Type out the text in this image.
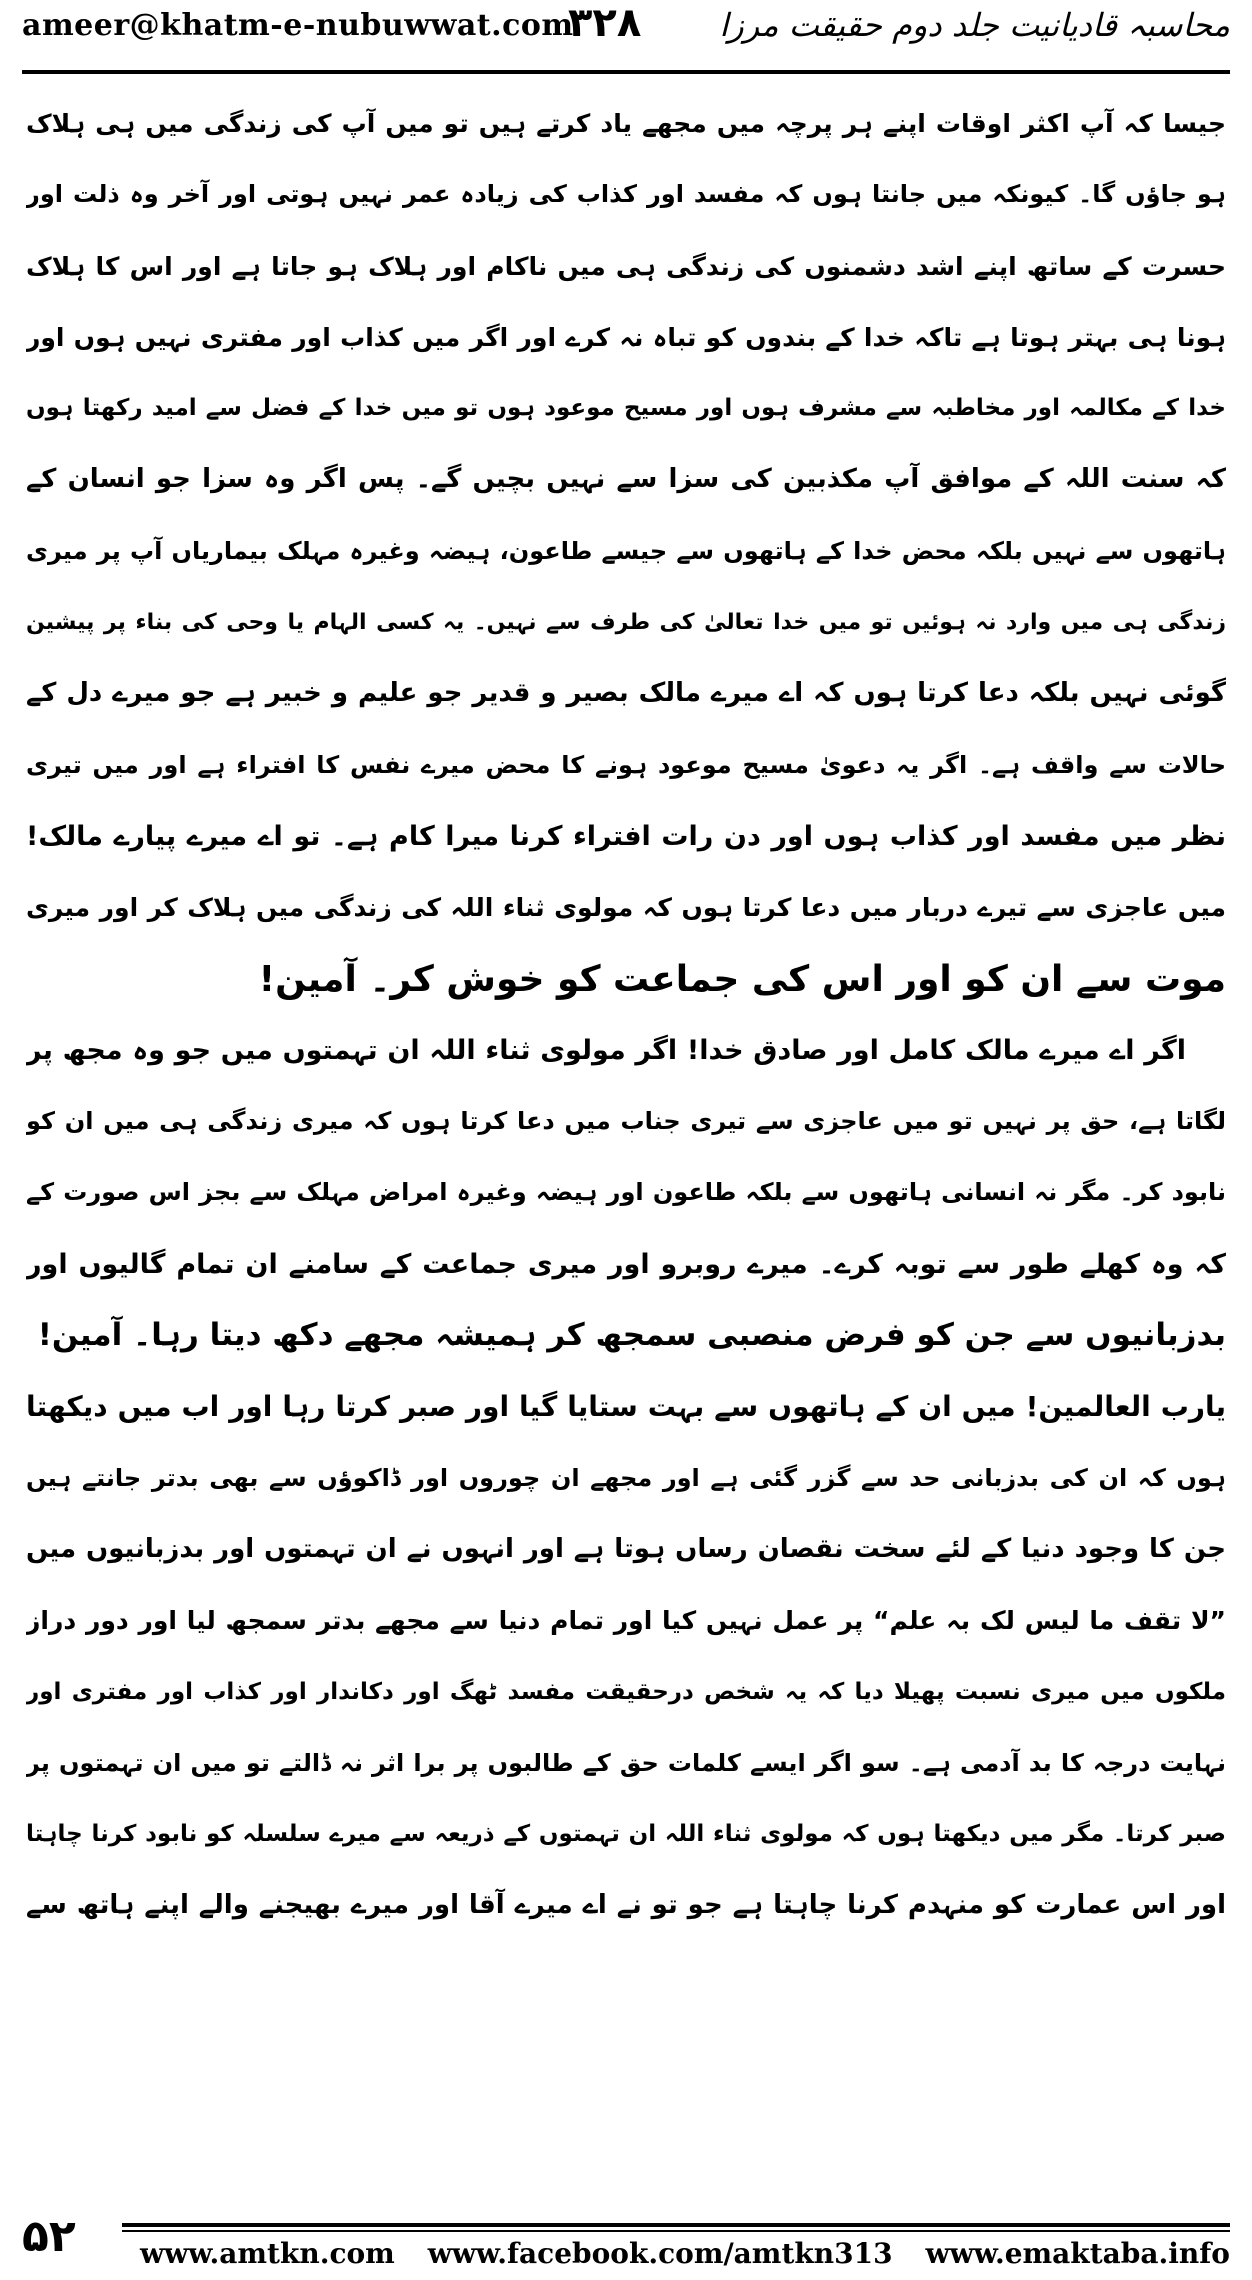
ameer@khatm-e-nubuwwat.com
۳۲۸ محاسبہ قادیانیت جلد دوم حقیقت مرزا
جیسا کہ آپ اکثر اوقات اپنے ہر پرچہ میں مجھے یاد کرتے ہیں تو میں آپ کی زندگی میں ہی ہلاک
ہو جاؤں گا۔ کیونکہ میں جانتا ہوں کہ مفسد اور کذاب کی زیادہ عمر نہیں ہوتی اور آخر وہ ذلت اور
حسرت کے ساتھ اپنے اشد دشمنوں کی زندگی ہی میں ناکام اور ہلاک ہو جاتا ہے اور اس کا ہلاک
ہونا ہی بہتر ہوتا ہے تاکہ خدا کے بندوں کو تباہ نہ کرے اور اگر میں کذاب اور مفتری نہیں ہوں اور
خدا کے مکالمہ اور مخاطبہ سے مشرف ہوں اور مسیح موعود ہوں تو میں خدا کے فضل سے امید رکھتا ہوں
کہ سنت اللہ کے موافق آپ مکذبین کی سزا سے نہیں بچیں گے۔ پس اگر وہ سزا جو انسان کے
ہاتھوں سے نہیں بلکہ محض خدا کے ہاتھوں سے جیسے طاعون، ہیضہ وغیرہ مہلک بیماریاں آپ پر میری
زندگی ہی میں وارد نہ ہوئیں تو میں خدا تعالیٰ کی طرف سے نہیں۔ یہ کسی الہام یا وحی کی بناء پر پیشین
گوئی نہیں بلکہ دعا کرتا ہوں کہ اے میرے مالک بصیر و قدیر جو علیم و خبیر ہے جو میرے دل کے
حالات سے واقف ہے۔ اگر یہ دعویٰ مسیح موعود ہونے کا محض میرے نفس کا افتراء ہے اور میں تیری
نظر میں مفسد اور کذاب ہوں اور دن رات افتراء کرنا میرا کام ہے۔ تو اے میرے پیارے مالک!
میں عاجزی سے تیرے دربار میں دعا کرتا ہوں کہ مولوی ثناء اللہ کی زندگی میں ہلاک کر اور میری
موت سے ان کو اور اس کی جماعت کو خوش کر۔ آمین!
اگر اے میرے مالک کامل اور صادق خدا! اگر مولوی ثناء اللہ ان تہمتوں میں جو وہ مجھ پر
لگاتا ہے، حق پر نہیں تو میں عاجزی سے تیری جناب میں دعا کرتا ہوں کہ میری زندگی ہی میں ان کو
نابود کر۔ مگر نہ انسانی ہاتھوں سے بلکہ طاعون اور ہیضہ وغیرہ امراض مہلک سے بجز اس صورت کے
کہ وہ کھلے طور سے توبہ کرے۔ میرے روبرو اور میری جماعت کے سامنے ان تمام گالیوں اور
بدزبانیوں سے جن کو فرض منصبی سمجھ کر ہمیشہ مجھے دکھ دیتا رہا۔ آمین!
یارب العالمین! میں ان کے ہاتھوں سے بہت ستایا گیا اور صبر کرتا رہا اور اب میں دیکھتا
ہوں کہ ان کی بدزبانی حد سے گزر گئی ہے اور مجھے ان چوروں اور ڈاکوؤں سے بھی بدتر جانتے ہیں
جن کا وجود دنیا کے لئے سخت نقصان رساں ہوتا ہے اور انہوں نے ان تہمتوں اور بدزبانیوں میں
”لا تقف ما لیس لک بہ علم“ پر عمل نہیں کیا اور تمام دنیا سے مجھے بدتر سمجھ لیا اور دور دراز
ملکوں میں میری نسبت پھیلا دیا کہ یہ شخص درحقیقت مفسد ٹھگ اور دکاندار اور کذاب اور مفتری اور
نہایت درجہ کا بد آدمی ہے۔ سو اگر ایسے کلمات حق کے طالبوں پر برا اثر نہ ڈالتے تو میں ان تہمتوں پر
صبر کرتا۔ مگر میں دیکھتا ہوں کہ مولوی ثناء اللہ ان تہمتوں کے ذریعہ سے میرے سلسلہ کو نابود کرنا چاہتا
اور اس عمارت کو منہدم کرنا چاہتا ہے جو تو نے اے میرے آقا اور میرے بھیجنے والے اپنے ہاتھ سے
۵۲ www.amtkn.com www.facebook.com/amtkn313 www.emaktaba.info
